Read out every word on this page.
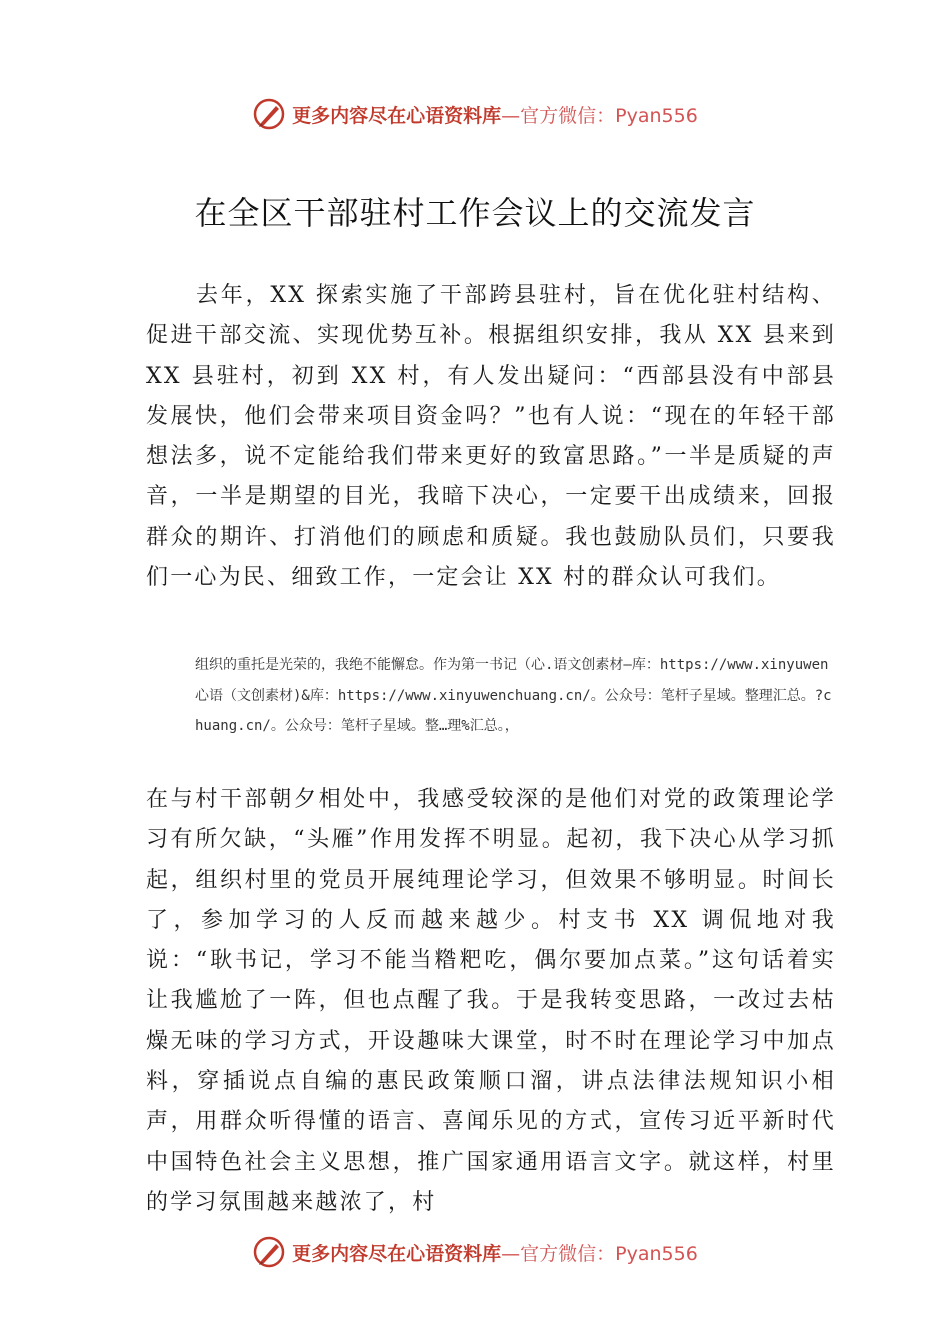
更多内容尽在心语资料库 —官方微信：Pyan556
在全区干部驻村工作会议上的交流发言
去年，XX 探索实施了干部跨县驻村，旨在优化驻村结构、促进干部交流、实现优势互补。根据组织安排，我从 XX 县来到 XX 县驻村，初到 XX 村，有人发出疑问：“西部县没有中部县发展快，他们会带来项目资金吗？”也有人说：“现在的年轻干部想法多，说不定能给我们带来更好的致富思路。”一半是质疑的声音，一半是期望的目光，我暗下决心，一定要干出成绩来，回报群众的期许、打消他们的顾虑和质疑。我也鼓励队员们，只要我们一心为民、细致工作，一定会让 XX 村的群众认可我们。
组织的重托是光荣的，我绝不能懈怠。作为第一书记（心.语文创素材—库：https://www.xinyuwen心语（文创素材)&库：https://www.xinyuwenchuang.cn/。公众号：笔杆子星域。整理汇总。?chuang.cn/。公众号：笔杆子星域。整…理%汇总。，
在与村干部朝夕相处中，我感受较深的是他们对党的政策理论学习有所欠缺，“头雁”作用发挥不明显。起初，我下决心从学习抓起，组织村里的党员开展纯理论学习，但效果不够明显。时间长了，参加学习的人反而越来越少。村支书 XX 调侃地对我说：“耿书记，学习不能当糌粑吃，偶尔要加点菜。”这句话着实让我尴尬了一阵，但也点醒了我。于是我转变思路，一改过去枯燥无味的学习方式，开设趣味大课堂，时不时在理论学习中加点料，穿插说点自编的惠民政策顺口溜，讲点法律法规知识小相声，用群众听得懂的语言、喜闻乐见的方式，宣传习近平新时代中国特色社会主义思想，推广国家通用语言文字。就这样，村里的学习氛围越来越浓了，村
更多内容尽在心语资料库 —官方微信：Pyan556
